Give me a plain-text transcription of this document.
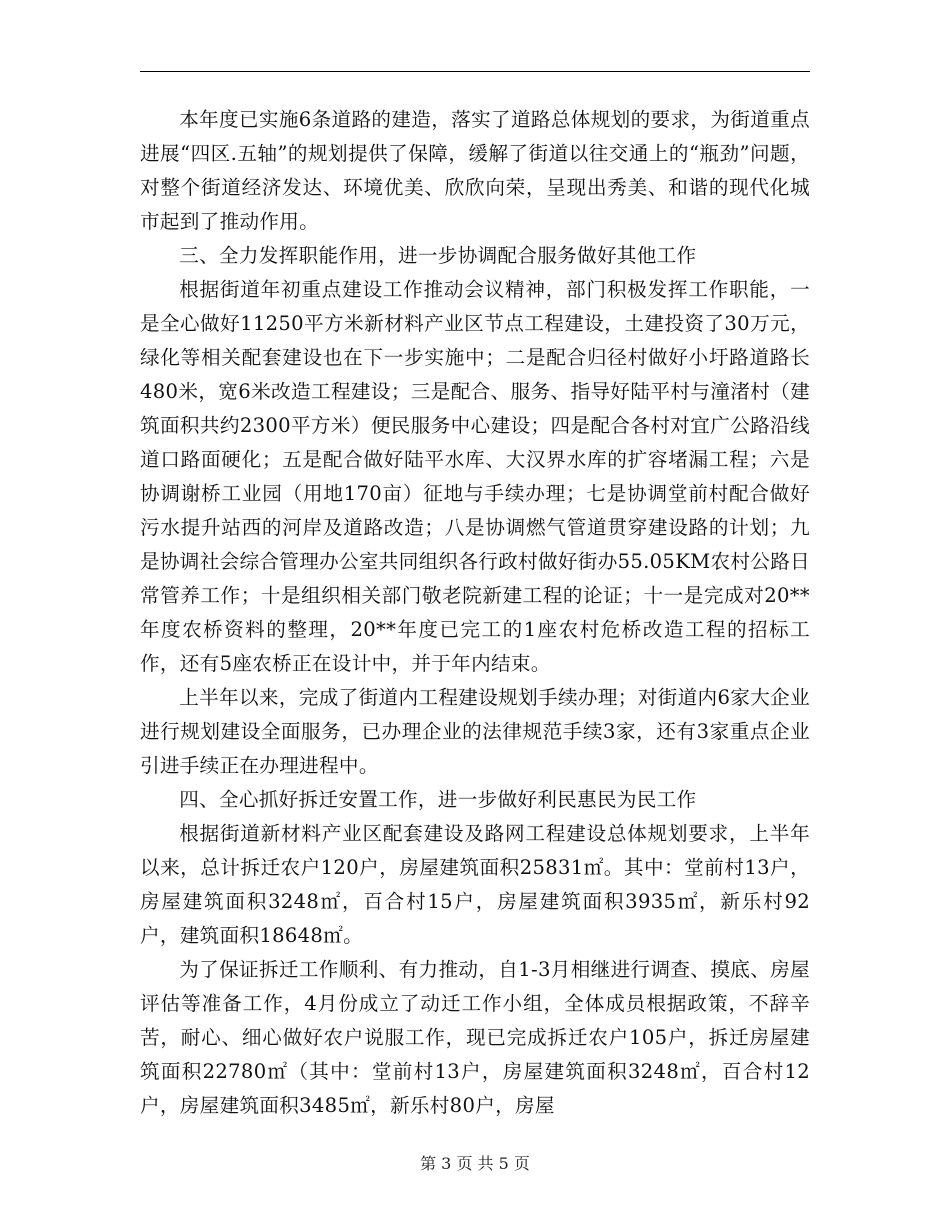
本年度已实施6条道路的建造，落实了道路总体规划的要求，为街道重点进展“四区.五轴”的规划提供了保障，缓解了街道以往交通上的“瓶劲”问题，对整个街道经济发达、环境优美、欣欣向荣，呈现出秀美、和谐的现代化城市起到了推动作用。

三、全力发挥职能作用，进一步协调配合服务做好其他工作

根据街道年初重点建设工作推动会议精神，部门积极发挥工作职能，一是全心做好11250平方米新材料产业区节点工程建设，土建投资了30万元，绿化等相关配套建设也在下一步实施中；二是配合归径村做好小圩路道路长480米，宽6米改造工程建设；三是配合、服务、指导好陆平村与潼渚村（建筑面积共约2300平方米）便民服务中心建设；四是配合各村对宜广公路沿线道口路面硬化；五是配合做好陆平水库、大汉界水库的扩容堵漏工程；六是协调谢桥工业园（用地170亩）征地与手续办理；七是协调堂前村配合做好污水提升站西的河岸及道路改造；八是协调燃气管道贯穿建设路的计划；九是协调社会综合管理办公室共同组织各行政村做好街办55.05KM农村公路日常管养工作；十是组织相关部门敬老院新建工程的论证；十一是完成对20**年度农桥资料的整理，20**年度已完工的1座农村危桥改造工程的招标工作，还有5座农桥正在设计中，并于年内结束。

上半年以来，完成了街道内工程建设规划手续办理；对街道内6家大企业进行规划建设全面服务，已办理企业的法律规范手续3家，还有3家重点企业引进手续正在办理进程中。

四、全心抓好拆迁安置工作，进一步做好利民惠民为民工作

根据街道新材料产业区配套建设及路网工程建设总体规划要求，上半年以来，总计拆迁农户120户，房屋建筑面积25831㎡。其中：堂前村13户，房屋建筑面积3248㎡，百合村15户，房屋建筑面积3935㎡，新乐村92户，建筑面积18648㎡。

为了保证拆迁工作顺利、有力推动，自1-3月相继进行调查、摸底、房屋评估等准备工作，4月份成立了动迁工作小组，全体成员根据政策，不辞辛苦，耐心、细心做好农户说服工作，现已完成拆迁农户105户，拆迁房屋建筑面积22780㎡（其中：堂前村13户，房屋建筑面积3248㎡，百合村12户，房屋建筑面积3485㎡，新乐村80户，房屋

第 3 页 共 5 页
